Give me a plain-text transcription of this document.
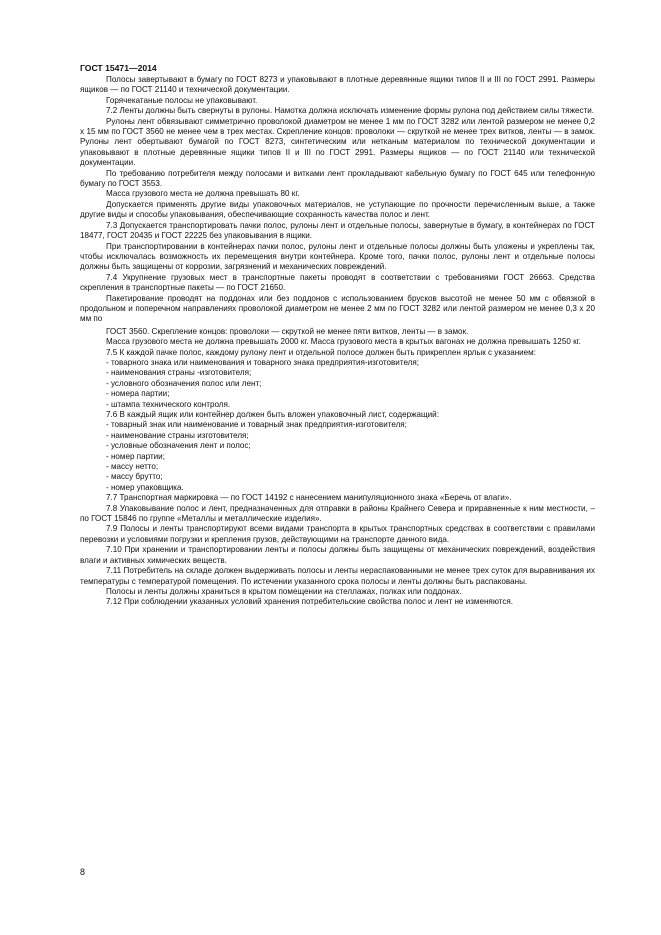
ГОСТ 15471—2014

Полосы завертывают в бумагу по ГОСТ 8273 и упаковывают в плотные деревянные ящики типов II и III по ГОСТ 2991. Размеры ящиков — по ГОСТ 21140 и технической документации.

Горячекатаные полосы не упаковывают.

7.2 Ленты должны быть свернуты в рулоны. Намотка должна исключать изменение формы рулона под действием силы тяжести.

Рулоны лент обвязывают симметрично проволокой диаметром не менее 1 мм по ГОСТ 3282 или лентой размером не менее 0,2 х 15 мм по ГОСТ 3560 не менее чем в трех местах. Скрепление концов: проволоки — скруткой не менее трех витков, ленты — в замок. Рулоны лент обертывают бумагой по ГОСТ 8273, синтетическим или нетканым материалом по технической документации и упаковывают в плотные деревянные ящики типов II и III по ГОСТ 2991. Размеры ящиков — по ГОСТ 21140 или технической документации.

По требованию потребителя между полосами и витками лент прокладывают кабельную бумагу по ГОСТ 645 или телефонную бумагу по ГОСТ 3553.

Масса грузового места не должна превышать 80 кг.

Допускается применять другие виды упаковочных материалов, не уступающие по прочности перечисленным выше, а также другие виды и способы упаковывания, обеспечивающие сохранность качества полос и лент.

7.3 Допускается транспортировать пачки полос, рулоны лент и отдельные полосы, завернутые в бумагу, в контейнерах по ГОСТ 18477, ГОСТ 20435 и ГОСТ 22225 без упаковывания в ящики.

При транспортировании в контейнерах пачки полос, рулоны лент и отдельные полосы должны быть уложены и укреплены так, чтобы исключалась возможность их перемещения внутри контейнера. Кроме того, пачки полос, рулоны лент и отдельные полосы должны быть защищены от коррозии, загрязнений и механических повреждений.

7.4 Укрупнение грузовых мест в транспортные пакеты проводят в соответствии с требованиями ГОСТ 26663. Средства скрепления в транспортные пакеты — по ГОСТ 21650.

Пакетирование проводят на поддонах или без поддонов с использованием брусков высотой не менее 50 мм с обвязкой в продольном и поперечном направлениях проволокой диаметром не менее 2 мм по ГОСТ 3282 или лентой размером не менее 0,3 х 20 мм по

ГОСТ 3560. Скрепление концов: проволоки — скруткой не менее пяти витков, ленты — в замок.

Масса грузового места не должна превышать 2000 кг. Масса грузового места в крытых вагонах не должна превышать 1250 кг.

7.5 К каждой пачке полос, каждому рулону лент и отдельной полосе должен быть прикреплен ярлык с указанием:

- товарного знака или наименования и товарного знака предприятия-изготовителя;

- наименования страны -изготовителя;

- условного обозначения полос или лент;

- номера партии;

- штампа технического контроля.

7.6 В каждый ящик или контейнер должен быть вложен упаковочный лист, содержащий:

- товарный знак или наименование и товарный знак предприятия-изготовителя;

- наименование страны изготовителя;

- условные обозначения лент и полос;

- номер партии;

- массу нетто;

- массу брутто;

- номер упаковщика.

7.7 Транспортная маркировка — по ГОСТ 14192 с нанесением манипуляционного знака «Беречь от влаги».

7.8 Упаковывание полос и лент, предназначенных для отправки в районы Крайнего Севера и приравненные к ним местности, – по ГОСТ 15846 по группе «Металлы и металлические изделия».

7.9 Полосы и ленты транспортируют всеми видами транспорта в крытых транспортных средствах в соответствии с правилами перевозки и условиями погрузки и крепления грузов, действующими на транспорте данного вида.

7.10 При хранении и транспортировании ленты и полосы должны быть защищены от механических повреждений, воздействия влаги и активных химических веществ.

7.11 Потребитель на складе должен выдерживать полосы и ленты нераспакованными не менее трех суток для выравнивания их температуры с температурой помещения. По истечении указанного срока полосы и ленты должны быть распакованы.

Полосы и ленты должны храниться в крытом помещении на стеллажах, полках или поддонах.

7.12 При соблюдении указанных условий хранения потребительские свойства полос и лент не изменяются.

8
